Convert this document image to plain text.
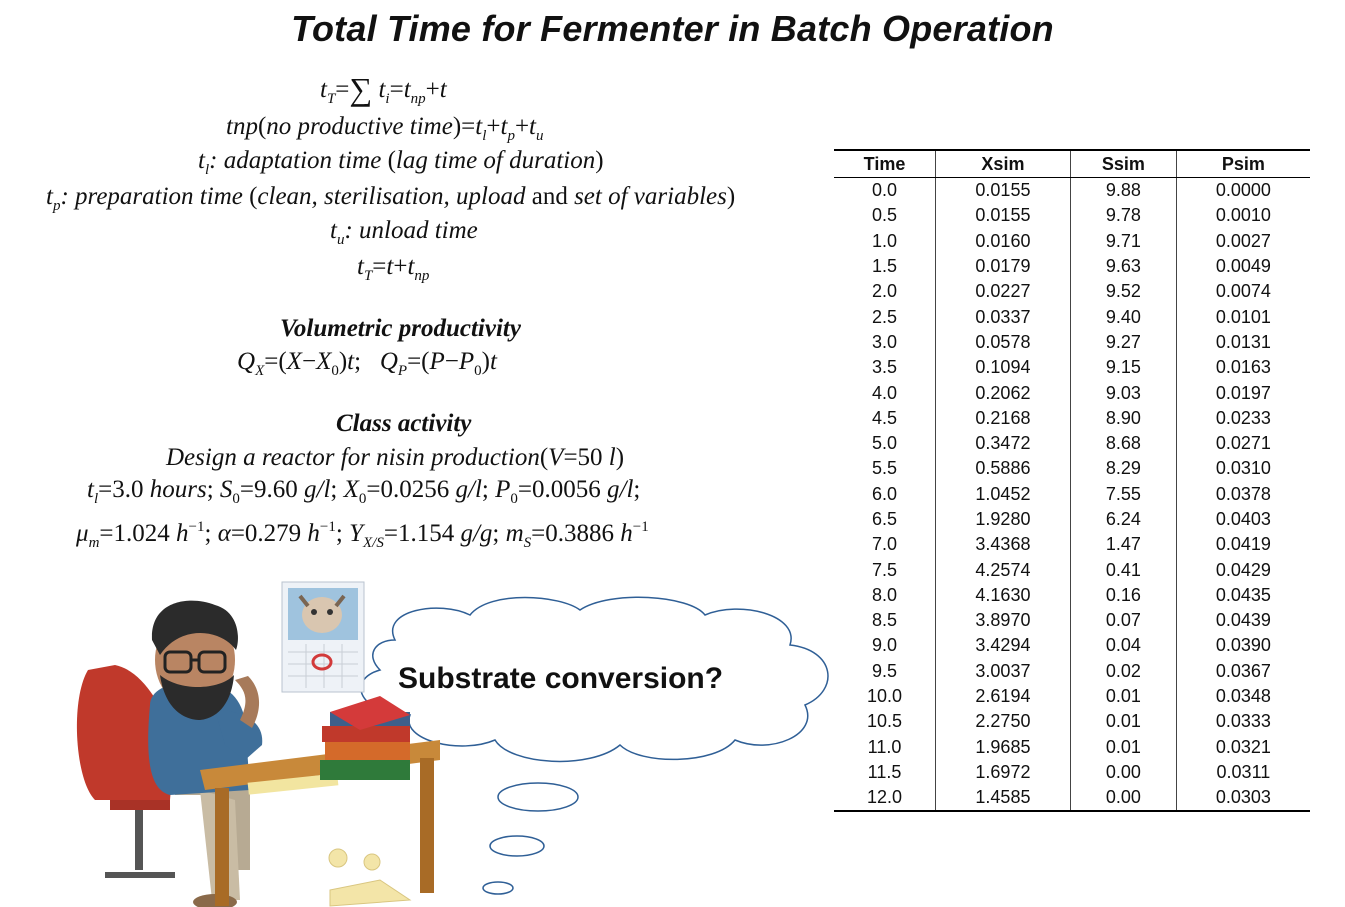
Total Time for Fermenter in Batch Operation
$t_T=\sum$ $t_i=t_{np}+t$
tnp(no productive $time)=t_l+t_p+t_u$
$t_l$: adaptation time (lag time of duration)
$t_p$: preparation time (clean, sterilisation, upload and set of variables)
$t_u$: unload time
$t_T=t+t_{np}$
Volumetric productivity
$Q_X=(X-X_0)t$;   $Q_P=(P-P_0)t$
Class activity
Design a reactor for nisin production(V=50 l)
$t_l=3.0$ hours; $S_0=9.60$ g/l; $X_0=0.0256$ g/l; $P_0=0.0056$ g/l;
$\mu_m=1.024$ $h^{-1}$; α=0.279 $h^{-1}$; $Y_{X/S}=1.154$ g/g; $m_S=0.3886$ $h^{-1}$
Substrate conversion?
Time	Xsim	Ssim	Psim
0.0	0.0155	9.88	0.0000
0.5	0.0155	9.78	0.0010
1.0	0.0160	9.71	0.0027
1.5	0.0179	9.63	0.0049
2.0	0.0227	9.52	0.0074
2.5	0.0337	9.40	0.0101
3.0	0.0578	9.27	0.0131
3.5	0.1094	9.15	0.0163
4.0	0.2062	9.03	0.0197
4.5	0.2168	8.90	0.0233
5.0	0.3472	8.68	0.0271
5.5	0.5886	8.29	0.0310
6.0	1.0452	7.55	0.0378
6.5	1.9280	6.24	0.0403
7.0	3.4368	1.47	0.0419
7.5	4.2574	0.41	0.0429
8.0	4.1630	0.16	0.0435
8.5	3.8970	0.07	0.0439
9.0	3.4294	0.04	0.0390
9.5	3.0037	0.02	0.0367
10.0	2.6194	0.01	0.0348
10.5	2.2750	0.01	0.0333
11.0	1.9685	0.01	0.0321
11.5	1.6972	0.00	0.0311
12.0	1.4585	0.00	0.0303
